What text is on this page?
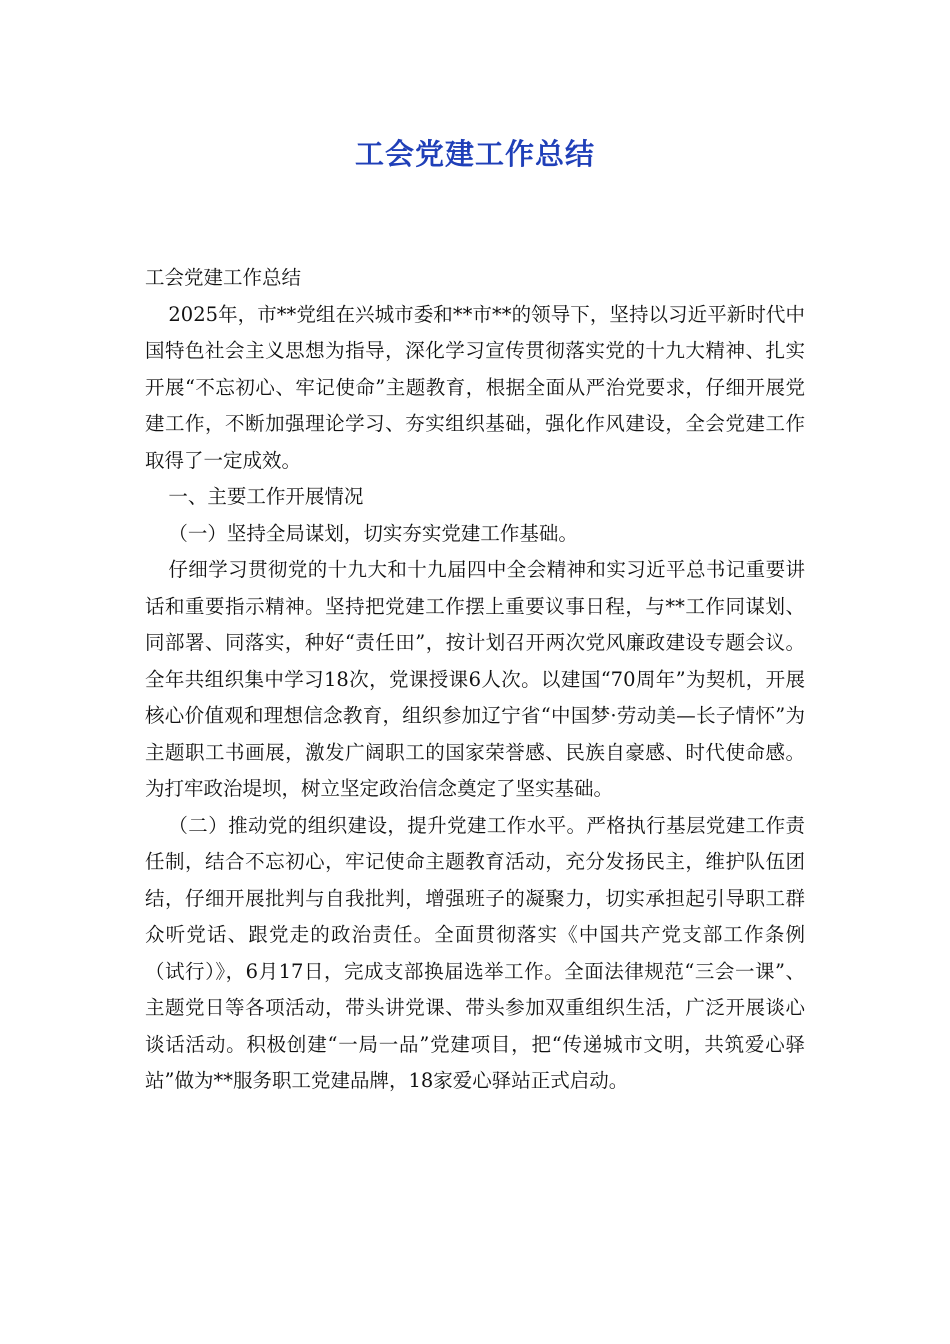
工会党建工作总结

工会党建工作总结

2025年，市**党组在兴城市委和**市**的领导下，坚持以习近平新时代中国特色社会主义思想为指导，深化学习宣传贯彻落实党的十九大精神、扎实开展“不忘初心、牢记使命”主题教育，根据全面从严治党要求，仔细开展党建工作，不断加强理论学习、夯实组织基础，强化作风建设，全会党建工作取得了一定成效。

一、主要工作开展情况

（一）坚持全局谋划，切实夯实党建工作基础。

仔细学习贯彻党的十九大和十九届四中全会精神和实习近平总书记重要讲话和重要指示精神。坚持把党建工作摆上重要议事日程，与**工作同谋划、同部署、同落实，种好“责任田”，按计划召开两次党风廉政建设专题会议。全年共组织集中学习18次，党课授课6人次。以建国“70周年”为契机，开展核心价值观和理想信念教育，组织参加辽宁省“中国梦·劳动美—长子情怀”为主题职工书画展，激发广阔职工的国家荣誉感、民族自豪感、时代使命感。为打牢政治堤坝，树立坚定政治信念奠定了坚实基础。

（二）推动党的组织建设，提升党建工作水平。严格执行基层党建工作责任制，结合不忘初心，牢记使命主题教育活动，充分发扬民主，维护队伍团结，仔细开展批判与自我批判，增强班子的凝聚力，切实承担起引导职工群众听党话、跟党走的政治责任。全面贯彻落实《中国共产党支部工作条例（试行）》，6月17日，完成支部换届选举工作。全面法律规范“三会一课”、主题党日等各项活动，带头讲党课、带头参加双重组织生活，广泛开展谈心谈话活动。积极创建“一局一品”党建项目，把“传递城市文明，共筑爱心驿站”做为**服务职工党建品牌，18家爱心驿站正式启动。
